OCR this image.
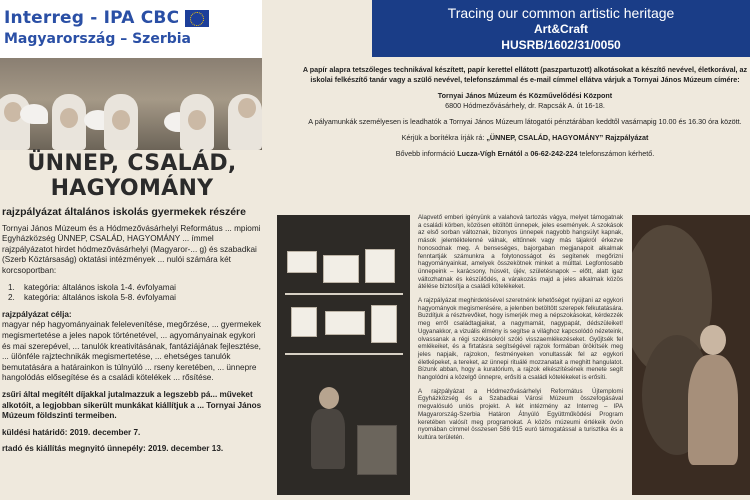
Interreg - IPA CBC
Magyarország – Szerbia
Tracing our common artistic heritage
Art&Craft
HUSRB/1602/31/0050
ÜNNEP, CSALÁD,
HAGYOMÁNY
rajzpályázat általános iskolás gyermekek részére
Tornyai János Múzeum és a Hódmezővásárhelyi Református ... mpiomi Egyházközség ÜNNEP, CSALÁD, HAGYOMÁNY ... ímmel rajzpályázatot hirdet hódmezővásárhelyi (Magyaror-... g) és szabadkai (Szerb Köztársaság) oktatási intézmények ... nulói számára két korcsoportban:
1.	kategória: általános iskola 1-4. évfolyamai
2.	kategória: általános iskola 5-8. évfolyamai
rajzpályázat célja:
magyar nép hagyományainak felelevenítése, megőrzése, ... gyermekek megismertetése a jeles napok történetével, ... agyományainak egykori és mai szerepével, ... tanulók kreativitásának, fantáziájának fejlesztése, ... ülönféle rajztechnikák megismertetése, ... ehetséges tanulók bemutatására a határainkon is túlnyúló ... rseny keretében, ... ünnepre hangolódás elősegítése és a családi kötelékek ... rősítése.
zsűri által megítélt díjakkal jutalmazzuk a legszebb pá... műveket alkotóit, a legjobban sikerült munkákat kiállítjuk a ... Tornyai János Múzeum földszinti termeiben.
küldési határidő: 2019. december 7.
rtadó és kiállítás megnyitó ünnepély: 2019. december 13.

A papír alapra tetszőleges technikával készített, papír kerettel ellátott (paszpartuzott) alkotásokat a készítő nevével, életkorával, az iskolai felkészítő tanár vagy a szülő nevével, telefonszámmal és e-mail címmel ellátva várjuk a Tornyai János Múzeum címére:

Tornyai János Múzeum és Közművelődési Központ
6800 Hódmezővásárhely, dr. Rapcsák A. út 16-18.

A pályamunkák személyesen is leadhatók a Tornyai János Múzeum látogatói pénztárában keddtől vasárnapig 10.00 és 16.30 óra között.

Kérjük a borítékra írják rá: „ÜNNEP, CSALÁD, HAGYOMÁNY” Rajzpályázat

Bővebb információ Lucza-Vígh Ernától a 06-62-242-224 telefonszámon kérhető.

Alapvető emberi igényünk a valahová tartozás vágya, melyet támogatnak a családi körben, közösen eltöltött ünnepek, jeles események. A szokások az első sorban változnak, bizonyos ünnepek nagyobb hangsúlyt kapnak, mások jelentéktelenné válnak, eltűnnek vagy más tájakról érkezve honosodnak meg. A benseséges, bajorgaban megjanapoit alkalmak fenntartják számunkra a folytonosságot és segítenek megőrizni hagyományainkat, amelyek összekötnek minket a múlttal. Legfontosabb ünnepeink – karácsony, húsvét, újév, születésnapok – előtt, alatt igaz változhatnak és készülődés, a várakozás majd a jeles alkalmak közös átélése biztosítja a családi kötelékeket.

A rajzpályázat meghirdetésével szeretnénk lehetőséget nyújtani az egykori hagyományok megismerésére, a jelenben betöltött szerepek felkutatására. Buzdítjuk a résztvevőket, hogy ismerjék meg a népszokásokat, kérdezzék meg erről családtagjaikat, a nagymamát, nagypapát, dédszüleiket! Ugyanakkor, a vizuális élmény is segítse a világhoz kapcsolódó nézeteink, olvassanak a régi szokásokról szóló visszaemlékezéseket. Gyűjtsék fel emlékeiket, és a firtatásra segítségével rajzok formában örökítsék meg jeles napjaik, rajzokon, festményeken vonultassák fel az egykori életképeket, a tereket, az ünnepi rituálé mozzanatait a meghitt hangulatot. Bízunk abban, hogy a kuratórium, a rajzok elkészítésének menete segít hangolódni a közelgő ünnepre, erősíti a családi kötelékeket is erősíti.

A rajzpályázat a Hódmezővásárhelyi Református Újtemplomi Egyházközség és a Szabadkai Városi Múzeum összefogásával megvalósuló uniós projekt. A két intézmény az Interreg – IPA Magyarország-Szerbia Határon Átnyúló Együttműködési Program keretében valósít meg programokat. A közös múzeumi értékeik óvón nyomában címmel összesen 586 915 euró támogatással a turisztika és a kultúra területén.
